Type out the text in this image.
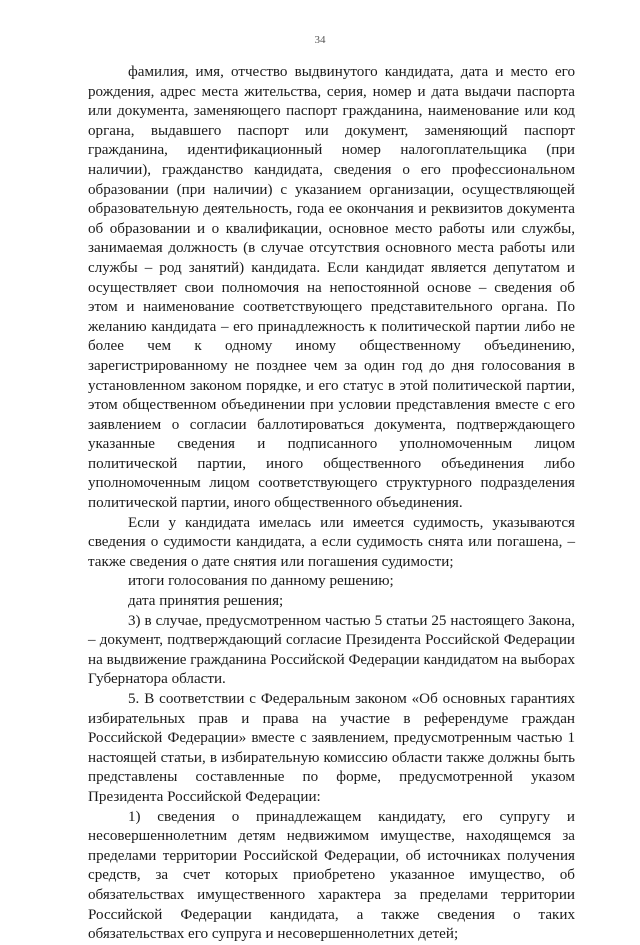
34

фамилия, имя, отчество выдвинутого кандидата, дата и место его рождения, адрес места жительства, серия, номер и дата выдачи паспорта или документа, заменяющего паспорт гражданина, наименование или код органа, выдавшего паспорт или документ, заменяющий паспорт гражданина, идентификационный номер налогоплательщика (при наличии), гражданство кандидата, сведения о его профессиональном образовании (при наличии) с указанием организации, осуществляющей образовательную деятельность, года ее окончания и реквизитов документа об образовании и о квалификации, основное место работы или службы, занимаемая должность (в случае отсутствия основного места работы или службы – род занятий) кандидата. Если кандидат является депутатом и осуществляет свои полномочия на непостоянной основе – сведения об этом и наименование соответствующего представительного органа. По желанию кандидата – его принадлежность к политической партии либо не более чем к одному иному общественному объединению, зарегистрированному не позднее чем за один год до дня голосования в установленном законом порядке, и его статус в этой политической партии, этом общественном объединении при условии представления вместе с его заявлением о согласии баллотироваться документа, подтверждающего указанные сведения и подписанного уполномоченным лицом политической партии, иного общественного объединения либо уполномоченным лицом соответствующего структурного подразделения политической партии, иного общественного объединения.

Если у кандидата имелась или имеется судимость, указываются сведения о судимости кандидата, а если судимость снята или погашена, – также сведения о дате снятия или погашения судимости;

итоги голосования по данному решению;

дата принятия решения;

3) в случае, предусмотренном частью 5 статьи 25 настоящего Закона, – документ, подтверждающий согласие Президента Российской Федерации на выдвижение гражданина Российской Федерации кандидатом на выборах Губернатора области.

5. В соответствии с Федеральным законом «Об основных гарантиях избирательных прав и права на участие в референдуме граждан Российской Федерации» вместе с заявлением, предусмотренным частью 1 настоящей статьи, в избирательную комиссию области также должны быть представлены составленные по форме, предусмотренной указом Президента Российской Федерации:

1) сведения о принадлежащем кандидату, его супругу и несовершеннолетним детям недвижимом имуществе, находящемся за пределами территории Российской Федерации, об источниках получения средств, за счет которых приобретено указанное имущество, об обязательствах имущественного характера за пределами территории Российской Федерации кандидата, а также сведения о таких обязательствах его супруга и несовершеннолетних детей;
